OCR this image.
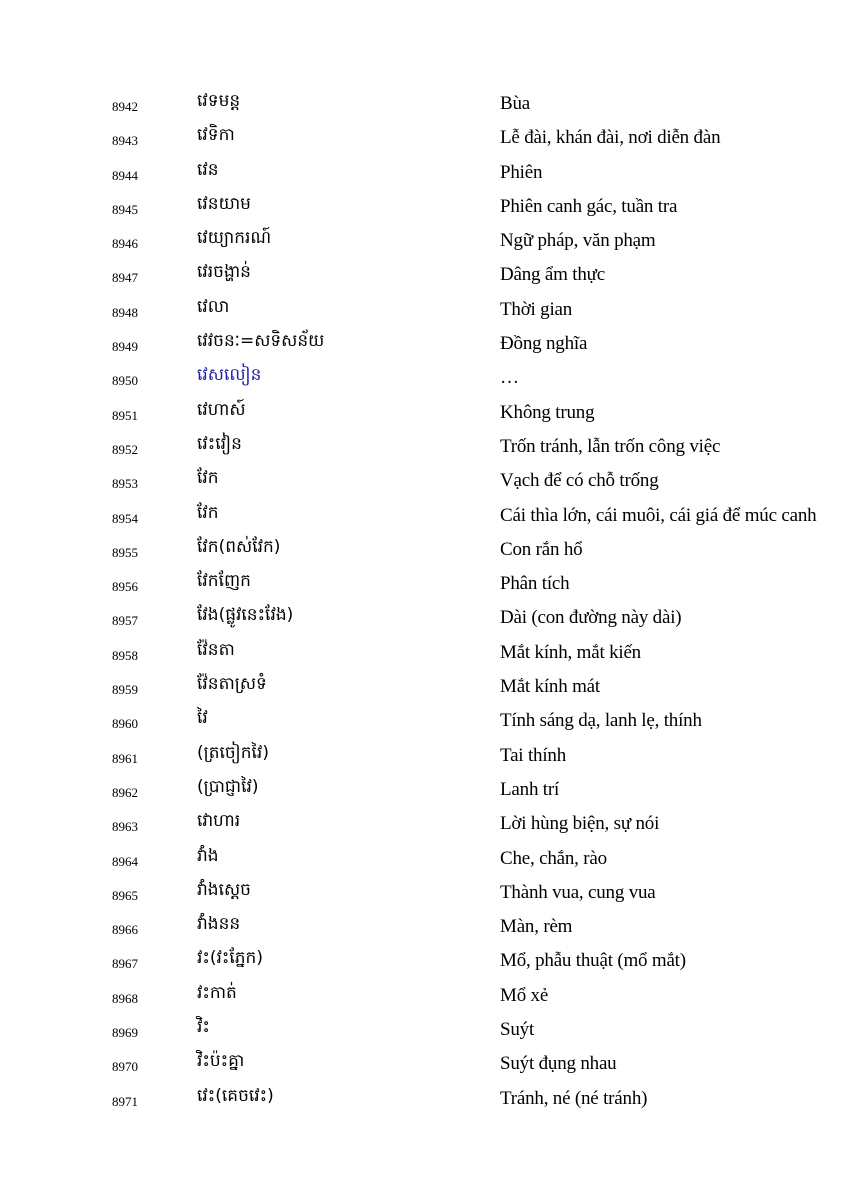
8942	វេទមន្ត	Bùa
8943	វេទិកា	Lễ đài, khán đài, nơi diễn đàn
8944	វេន	Phiên
8945	វេនយាម	Phiên canh gác, tuần tra
8946	វេយ្យាករណ៍	Ngữ pháp, văn phạm
8947	វេរចង្ហាន់	Dâng ẩm thực
8948	វេលា	Thời gian
8949	វេវចនៈ=សទិសន័យ	Đồng nghĩa
8950	វេសលៀន	…
8951	វេហាស៍	Không trung
8952	វេះវៀន	Trốn tránh, lẫn trốn công việc
8953	វែក	Vạch để có chỗ trống
8954	វែក	Cái thìa lớn, cái muôi, cái giá để múc canh
8955	វែក(ពស់វែក)	Con rắn hổ
8956	វែកញែក	Phân tích
8957	វែង(ផ្លូវនេះវែង)	Dài (con đường này dài)
8958	វ៉ែនតា	Mắt kính, mắt kiến
8959	វ៉ែនតាស្រទំ	Mắt kính mát
8960	វៃ	Tính sáng dạ, lanh lẹ, thính
8961	(ត្រចៀកវៃ)	Tai thính
8962	(ប្រាជ្ញាវៃ)	Lanh trí
8963	វោហារ	Lời hùng biện, sự nói
8964	វាំង	Che, chắn, rào
8965	វាំងស្តេច	Thành vua, cung vua
8966	វាំងនន	Màn, rèm
8967	វះ(វះភ្នែក)	Mổ, phẫu thuật (mổ mắt)
8968	វះកាត់	Mổ xẻ
8969	វិះ	Suýt
8970	វិះប៉ះគ្នា	Suýt đụng nhau
8971	វេះ(គេចវេះ)	Tránh, né (né tránh)
